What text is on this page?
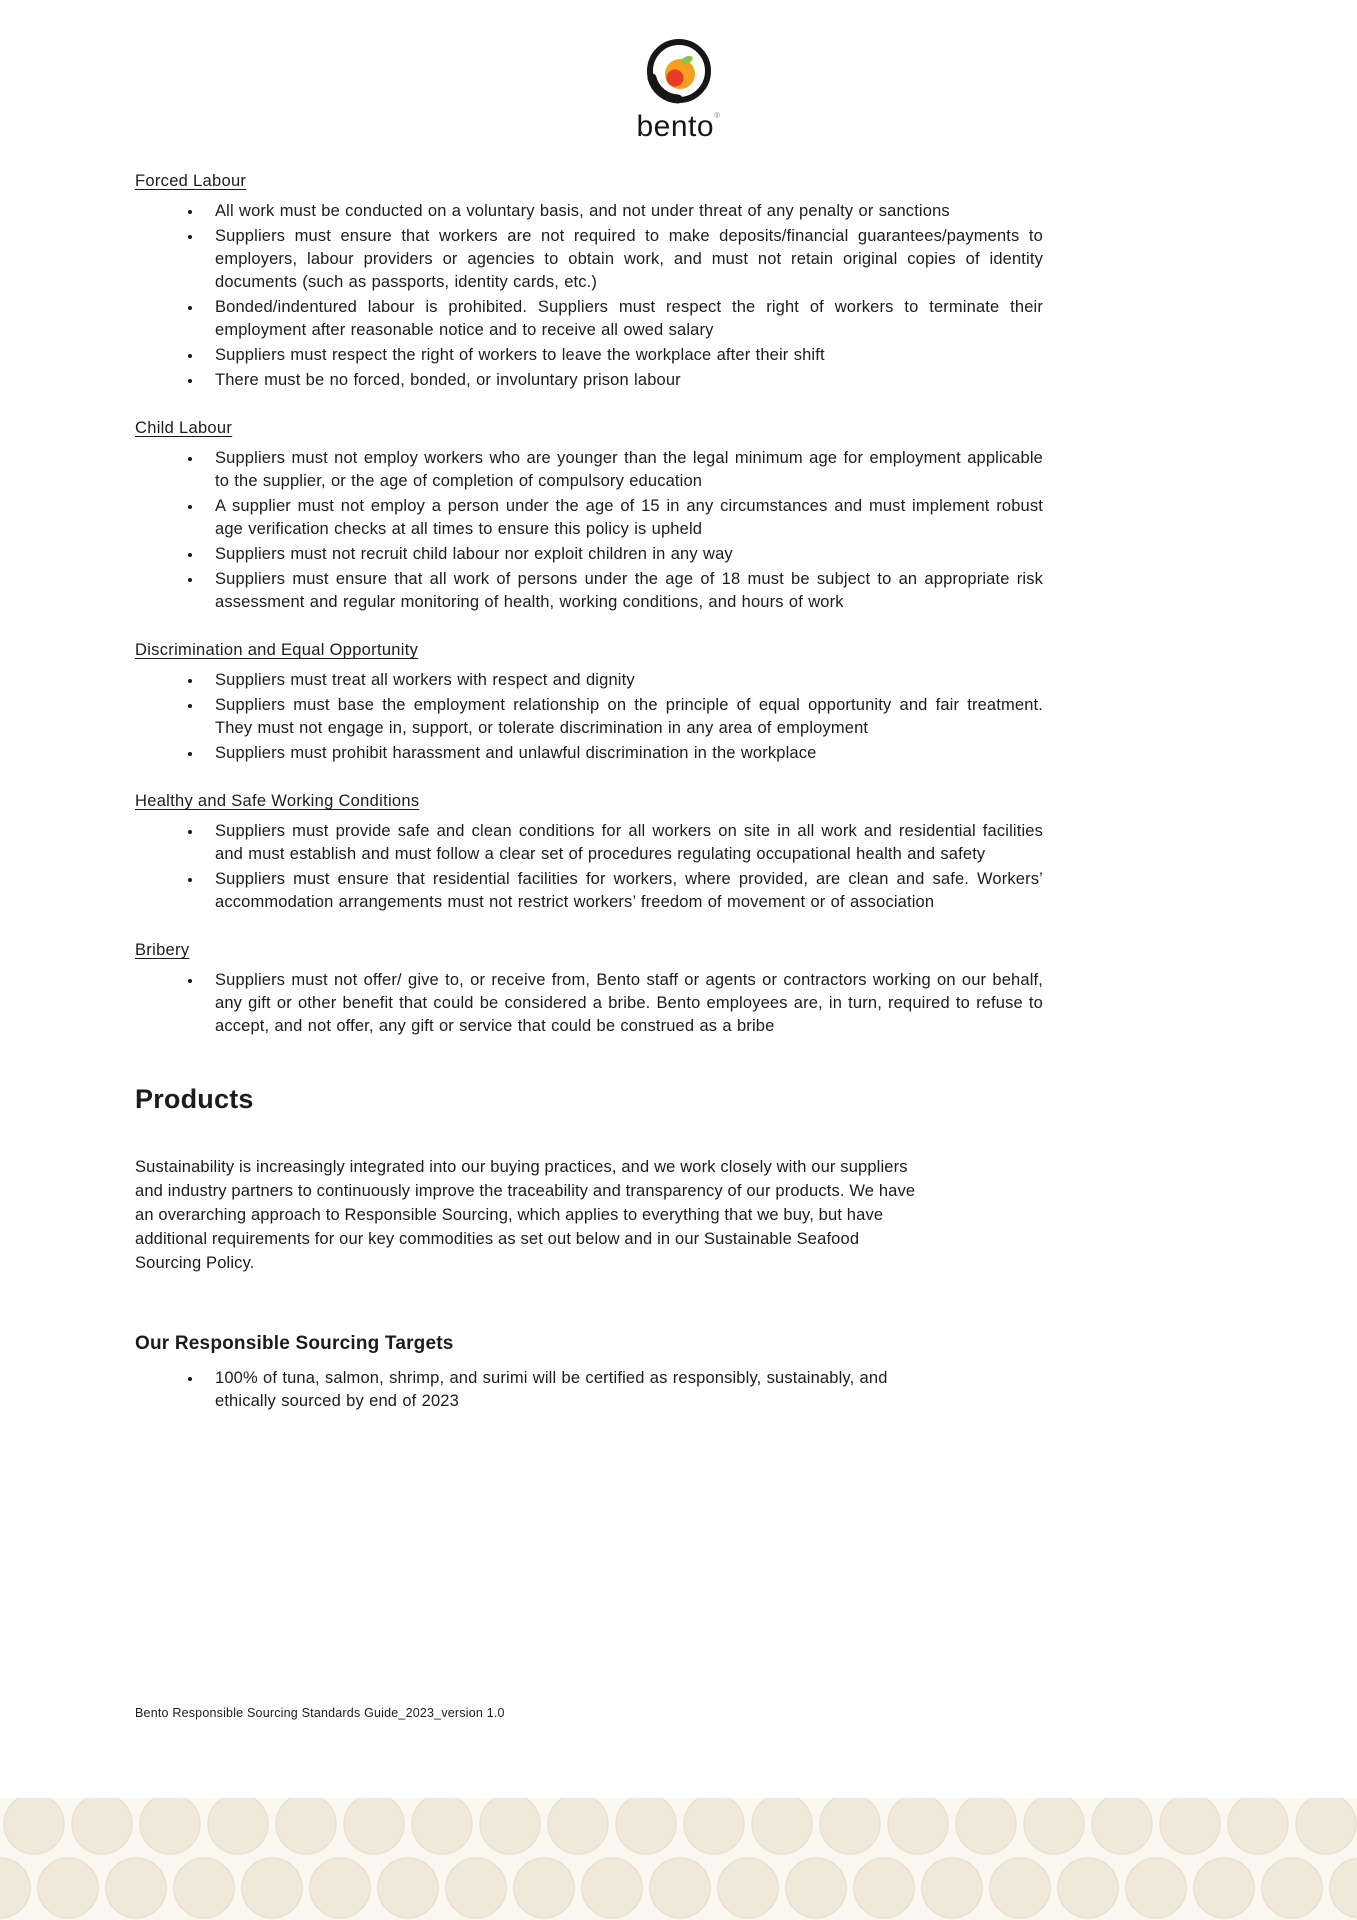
bento®
Forced Labour
• All work must be conducted on a voluntary basis, and not under threat of any penalty or sanctions
• Suppliers must ensure that workers are not required to make deposits/financial guarantees/payments to employers, labour providers or agencies to obtain work, and must not retain original copies of identity documents (such as passports, identity cards, etc.)
• Bonded/indentured labour is prohibited. Suppliers must respect the right of workers to terminate their employment after reasonable notice and to receive all owed salary
• Suppliers must respect the right of workers to leave the workplace after their shift
• There must be no forced, bonded, or involuntary prison labour
Child Labour
• Suppliers must not employ workers who are younger than the legal minimum age for employment applicable to the supplier, or the age of completion of compulsory education
• A supplier must not employ a person under the age of 15 in any circumstances and must implement robust age verification checks at all times to ensure this policy is upheld
• Suppliers must not recruit child labour nor exploit children in any way
• Suppliers must ensure that all work of persons under the age of 18 must be subject to an appropriate risk assessment and regular monitoring of health, working conditions, and hours of work
Discrimination and Equal Opportunity
• Suppliers must treat all workers with respect and dignity
• Suppliers must base the employment relationship on the principle of equal opportunity and fair treatment. They must not engage in, support, or tolerate discrimination in any area of employment
• Suppliers must prohibit harassment and unlawful discrimination in the workplace
Healthy and Safe Working Conditions
• Suppliers must provide safe and clean conditions for all workers on site in all work and residential facilities and must establish and must follow a clear set of procedures regulating occupational health and safety
• Suppliers must ensure that residential facilities for workers, where provided, are clean and safe. Workers’ accommodation arrangements must not restrict workers’ freedom of movement or of association
Bribery
• Suppliers must not offer/ give to, or receive from, Bento staff or agents or contractors working on our behalf, any gift or other benefit that could be considered a bribe. Bento employees are, in turn, required to refuse to accept, and not offer, any gift or service that could be construed as a bribe
Products

Sustainability is increasingly integrated into our buying practices, and we work closely with our suppliers and industry partners to continuously improve the traceability and transparency of our products. We have an overarching approach to Responsible Sourcing, which applies to everything that we buy, but have additional requirements for our key commodities as set out below and in our Sustainable Seafood Sourcing Policy.

Our Responsible Sourcing Targets
• 100% of tuna, salmon, shrimp, and surimi will be certified as responsibly, sustainably, and ethically sourced by end of 2023
Bento Responsible Sourcing Standards Guide_2023_version 1.0
